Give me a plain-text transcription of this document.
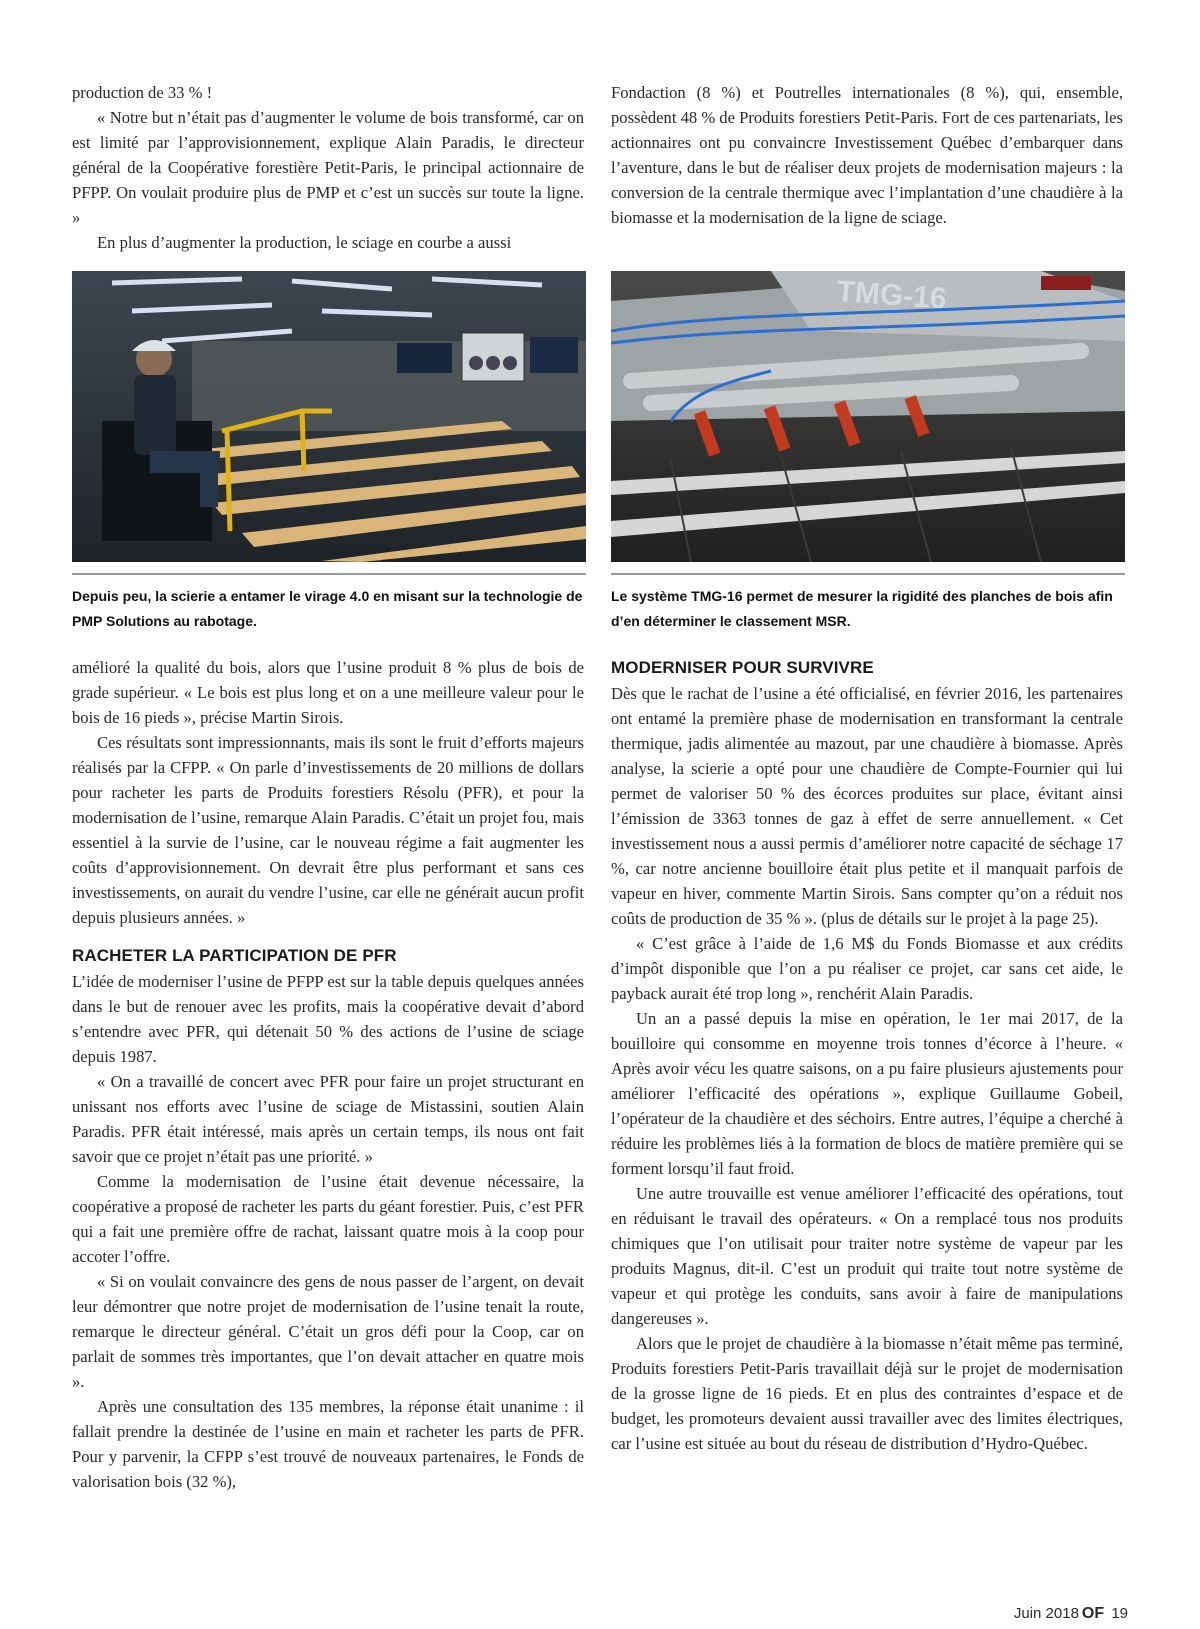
production de 33 % !

« Notre but n’était pas d’augmenter le volume de bois transformé, car on est limité par l’approvisionnement, explique Alain Paradis, le directeur général de la Coopérative forestière Petit-Paris, le principal actionnaire de PFPP. On voulait produire plus de PMP et c’est un succès sur toute la ligne. »

En plus d’augmenter la production, le sciage en courbe a aussi

Fondaction (8 %) et Poutrelles internationales (8 %), qui, ensemble, possèdent 48 % de Produits forestiers Petit-Paris. Fort de ces partenariats, les actionnaires ont pu convaincre Investissement Québec d’embarquer dans l’aventure, dans le but de réaliser deux projets de modernisation majeurs : la conversion de la centrale thermique avec l’implantation d’une chaudière à la biomasse et la modernisation de la ligne de sciage.

TMG-16
Depuis peu, la scierie a entamer le virage 4.0 en misant sur la technologie de PMP Solutions au rabotage.
Le système TMG-16 permet de mesurer la rigidité des planches de bois afin d’en déterminer le classement MSR.

amélioré la qualité du bois, alors que l’usine produit 8 % plus de bois de grade supérieur. « Le bois est plus long et on a une meilleure valeur pour le bois de 16 pieds », précise Martin Sirois.

Ces résultats sont impressionnants, mais ils sont le fruit d’efforts majeurs réalisés par la CFPP. « On parle d’investissements de 20 millions de dollars pour racheter les parts de Produits forestiers Résolu (PFR), et pour la modernisation de l’usine, remarque Alain Paradis. C’était un projet fou, mais essentiel à la survie de l’usine, car le nouveau régime a fait augmenter les coûts d’approvisionnement. On devrait être plus performant et sans ces investissements, on aurait du vendre l’usine, car elle ne générait aucun profit depuis plusieurs années. »

RACHETER LA PARTICIPATION DE PFR

L’idée de moderniser l’usine de PFPP est sur la table depuis quelques années dans le but de renouer avec les profits, mais la coopérative devait d’abord s’entendre avec PFR, qui détenait 50 % des actions de l’usine de sciage depuis 1987.

« On a travaillé de concert avec PFR pour faire un projet structurant en unissant nos efforts avec l’usine de sciage de Mistassini, soutien Alain Paradis. PFR était intéressé, mais après un certain temps, ils nous ont fait savoir que ce projet n’était pas une priorité. »

Comme la modernisation de l’usine était devenue nécessaire, la coopérative a proposé de racheter les parts du géant forestier. Puis, c’est PFR qui a fait une première offre de rachat, laissant quatre mois à la coop pour accoter l’offre.

« Si on voulait convaincre des gens de nous passer de l’argent, on devait leur démontrer que notre projet de modernisation de l’usine tenait la route, remarque le directeur général. C’était un gros défi pour la Coop, car on parlait de sommes très importantes, que l’on devait attacher en quatre mois ».

Après une consultation des 135 membres, la réponse était unanime : il fallait prendre la destinée de l’usine en main et racheter les parts de PFR. Pour y parvenir, la CFPP s’est trouvé de nouveaux partenaires, le Fonds de valorisation bois (32 %),

MODERNISER POUR SURVIVRE

Dès que le rachat de l’usine a été officialisé, en février 2016, les partenaires ont entamé la première phase de modernisation en transformant la centrale thermique, jadis alimentée au mazout, par une chaudière à biomasse. Après analyse, la scierie a opté pour une chaudière de Compte-Fournier qui lui permet de valoriser 50 % des écorces produites sur place, évitant ainsi l’émission de 3363 tonnes de gaz à effet de serre annuellement. « Cet investissement nous a aussi permis d’améliorer notre capacité de séchage 17 %, car notre ancienne bouilloire était plus petite et il manquait parfois de vapeur en hiver, commente Martin Sirois. Sans compter qu’on a réduit nos coûts de production de 35 % ». (plus de détails sur le projet à la page 25).

« C’est grâce à l’aide de 1,6 M$ du Fonds Biomasse et aux crédits d’impôt disponible que l’on a pu réaliser ce projet, car sans cet aide, le payback aurait été trop long », renchérit Alain Paradis.

Un an a passé depuis la mise en opération, le 1er mai 2017, de la bouilloire qui consomme en moyenne trois tonnes d’écorce à l’heure. « Après avoir vécu les quatre saisons, on a pu faire plusieurs ajustements pour améliorer l’efficacité des opérations », explique Guillaume Gobeil, l’opérateur de la chaudière et des séchoirs. Entre autres, l’équipe a cherché à réduire les problèmes liés à la formation de blocs de matière première qui se forment lorsqu’il faut froid.

Une autre trouvaille est venue améliorer l’efficacité des opérations, tout en réduisant le travail des opérateurs. « On a remplacé tous nos produits chimiques que l’on utilisait pour traiter notre système de vapeur par les produits Magnus, dit-il. C’est un produit qui traite tout notre système de vapeur et qui protège les conduits, sans avoir à faire de manipulations dangereuses ».

Alors que le projet de chaudière à la biomasse n’était même pas terminé, Produits forestiers Petit-Paris travaillait déjà sur le projet de modernisation de la grosse ligne de 16 pieds. Et en plus des contraintes d’espace et de budget, les promoteurs devaient aussi travailler avec des limites électriques, car l’usine est située au bout du réseau de distribution d’Hydro-Québec.

Juin 2018 OF 19
